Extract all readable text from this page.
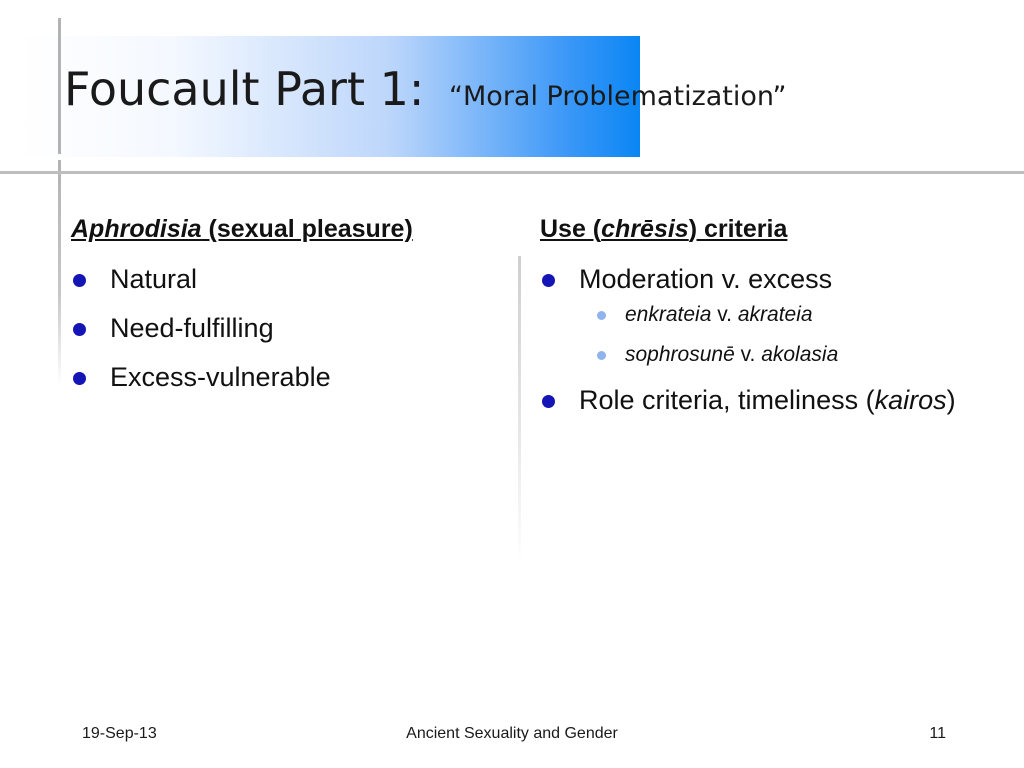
Foucault Part 1: “Moral Problematization”
Aphrodisia (sexual pleasure)
Natural
Need-fulfilling
Excess-vulnerable
Use (chrēsis) criteria
Moderation v. excess
enkrateia v. akrateia
sophrosunē v. akolasia
Role criteria, timeliness (kairos)
19-Sep-13	Ancient Sexuality and Gender	11
